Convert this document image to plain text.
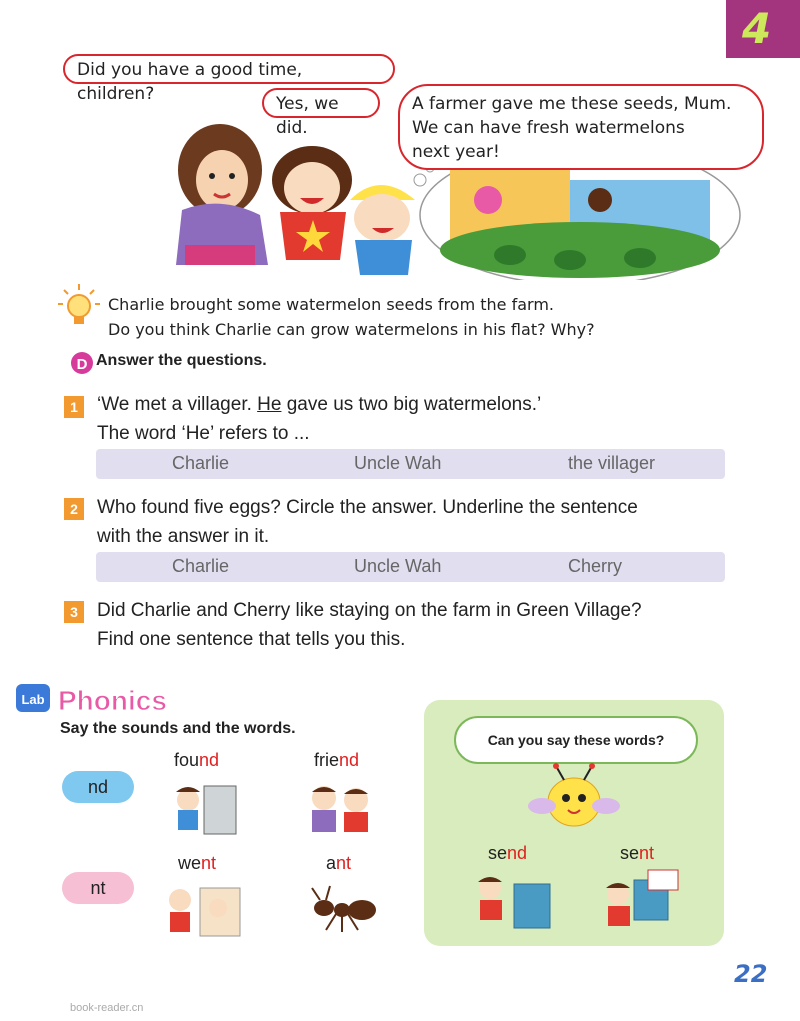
4
Did you have a good time, children?	Yes, we did.
A farmer gave me these seeds, Mum.
We can have fresh watermelons
next year!
Charlie brought some watermelon seeds from the farm.
Do you think Charlie can grow watermelons in his flat? Why?
D Answer the questions.
1	‘We met a villager. He gave us two big watermelons.’
The word ‘He’ refers to ...
Charlie	Uncle Wah	the villager
2	Who found five eggs? Circle the answer. Underline the sentence
with the answer in it.
Charlie	Uncle Wah	Cherry
3	Did Charlie and Cherry like staying on the farm in Green Village?
Find one sentence that tells you this.
Lab Phonics
Say the sounds and the words.
nd
found	friend
nt
went	ant
Can you say these words?
send	sent
22
book-reader.cn
